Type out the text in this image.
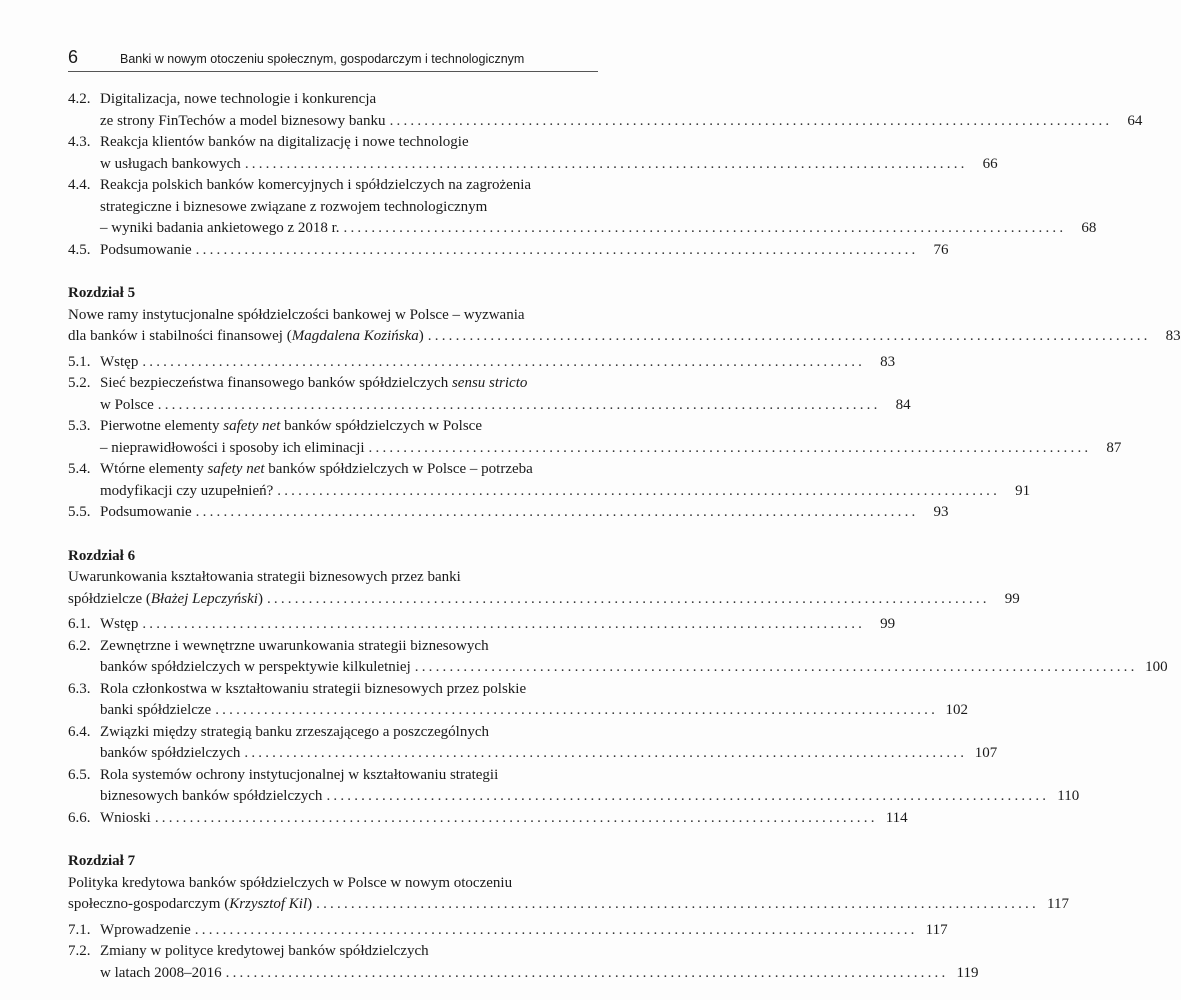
6	Banki w nowym otoczeniu społecznym, gospodarczym i technologicznym
4.2. Digitalizacja, nowe technologie i konkurencja
ze strony FinTechów a model biznesowy banku ........................................................................................................	64
4.3. Reakcja klientów banków na digitalizację i nowe technologie
w usługach bankowych ........................................................................................................	66
4.4. Reakcja polskich banków komercyjnych i spółdzielczych na zagrożenia
strategiczne i biznesowe związane z rozwojem technologicznym
– wyniki badania ankietowego z 2018 r. ........................................................................................................	68
4.5. Podsumowanie ........................................................................................................	76
Rozdział 5
Nowe ramy instytucjonalne spółdzielczości bankowej w Polsce – wyzwania
dla banków i stabilności finansowej (Magdalena Kozińska) ........................................................................................................	83
5.1. Wstęp ........................................................................................................	83
5.2. Sieć bezpieczeństwa finansowego banków spółdzielczych sensu stricto
w Polsce ........................................................................................................	84
5.3. Pierwotne elementy safety net banków spółdzielczych w Polsce
– nieprawidłowości i sposoby ich eliminacji ........................................................................................................	87
5.4. Wtórne elementy safety net banków spółdzielczych w Polsce – potrzeba
modyfikacji czy uzupełnień? ........................................................................................................	91
5.5. Podsumowanie ........................................................................................................	93
Rozdział 6
Uwarunkowania kształtowania strategii biznesowych przez banki
spółdzielcze (Błażej Lepczyński) ........................................................................................................	99
6.1. Wstęp ........................................................................................................	99
6.2. Zewnętrzne i wewnętrzne uwarunkowania strategii biznesowych
banków spółdzielczych w perspektywie kilkuletniej ........................................................................................................ 100
6.3. Rola członkostwa w kształtowaniu strategii biznesowych przez polskie
banki spółdzielcze ........................................................................................................ 102
6.4. Związki między strategią banku zrzeszającego a poszczególnych
banków spółdzielczych ........................................................................................................ 107
6.5. Rola systemów ochrony instytucjonalnej w kształtowaniu strategii
biznesowych banków spółdzielczych ........................................................................................................ 110
6.6. Wnioski ........................................................................................................ 114
Rozdział 7
Polityka kredytowa banków spółdzielczych w Polsce w nowym otoczeniu
społeczno-gospodarczym (Krzysztof Kil) ........................................................................................................ 117
7.1. Wprowadzenie ........................................................................................................ 117
7.2. Zmiany w polityce kredytowej banków spółdzielczych
w latach 2008–2016 ........................................................................................................ 119
